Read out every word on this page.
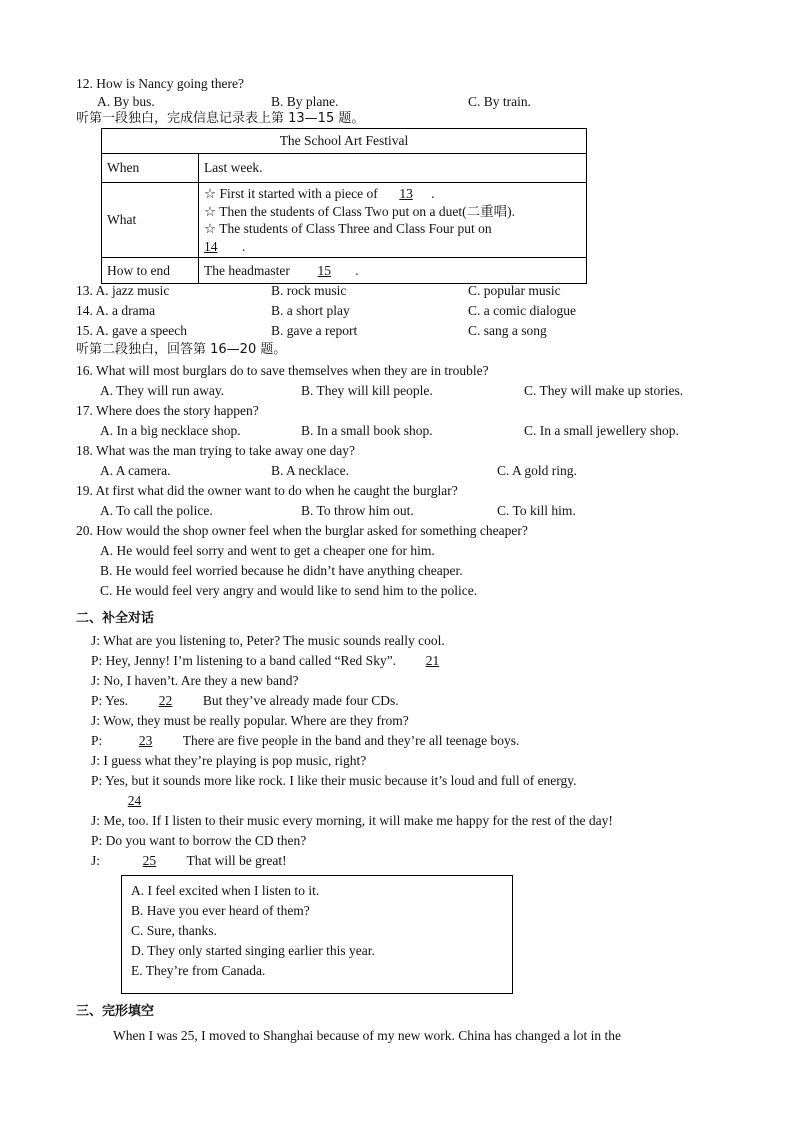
12. How is Nancy going there?
A. By bus.	B. By plane.	C. By train.
听第一段独白，完成信息记录表上第 13—15 题。
The School Art Festival	
When	Last week.
What	☆ First it started with a piece of 13 .
☆ Then the students of Class Two put on a duet(二重唱).
☆ The students of Class Three and Class Four put on
14 .
How to end	The headmaster 15 .
13. A. jazz music	B. rock music	C. popular music
14. A. a drama	B. a short play	C. a comic dialogue
15. A. gave a speech	B. gave a report	C. sang a song
听第二段独白，回答第 16—20 题。
16. What will most burglars do to save themselves when they are in trouble?
A. They will run away.	B. They will kill people.	C. They will make up stories.
17. Where does the story happen?
A. In a big necklace shop.	B. In a small book shop.	C. In a small jewellery shop.
18. What was the man trying to take away one day?
A. A camera.	B. A necklace.	C. A gold ring.
19. At first what did the owner want to do when he caught the burglar?
A. To call the police.	B. To throw him out.	C. To kill him.
20. How would the shop owner feel when the burglar asked for something cheaper?
A. He would feel sorry and went to get a cheaper one for him.
B. He would feel worried because he didn’t have anything cheaper.
C. He would feel very angry and would like to send him to the police.
二、补全对话
J: What are you listening to, Peter? The music sounds really cool.
P: Hey, Jenny! I’m listening to a band called “Red Sky”. 21
J: No, I haven’t. Are they a new band?
P: Yes. 22 But they’ve already made four CDs.
J: Wow, they must be really popular. Where are they from?
P:	23 There are five people in the band and they’re all teenage boys.
J: I guess what they’re playing is pop music, right?
P: Yes, but it sounds more like rock. I like their music because it’s loud and full of energy.
24
J: Me, too. If I listen to their music every morning, it will make me happy for the rest of the day!
P: Do you want to borrow the CD then?
J:	25 That will be great!
A. I feel excited when I listen to it.
B. Have you ever heard of them?
C. Sure, thanks.
D. They only started singing earlier this year.
E. They’re from Canada.
三、完形填空
When I was 25, I moved to Shanghai because of my new work. China has changed a lot in the
